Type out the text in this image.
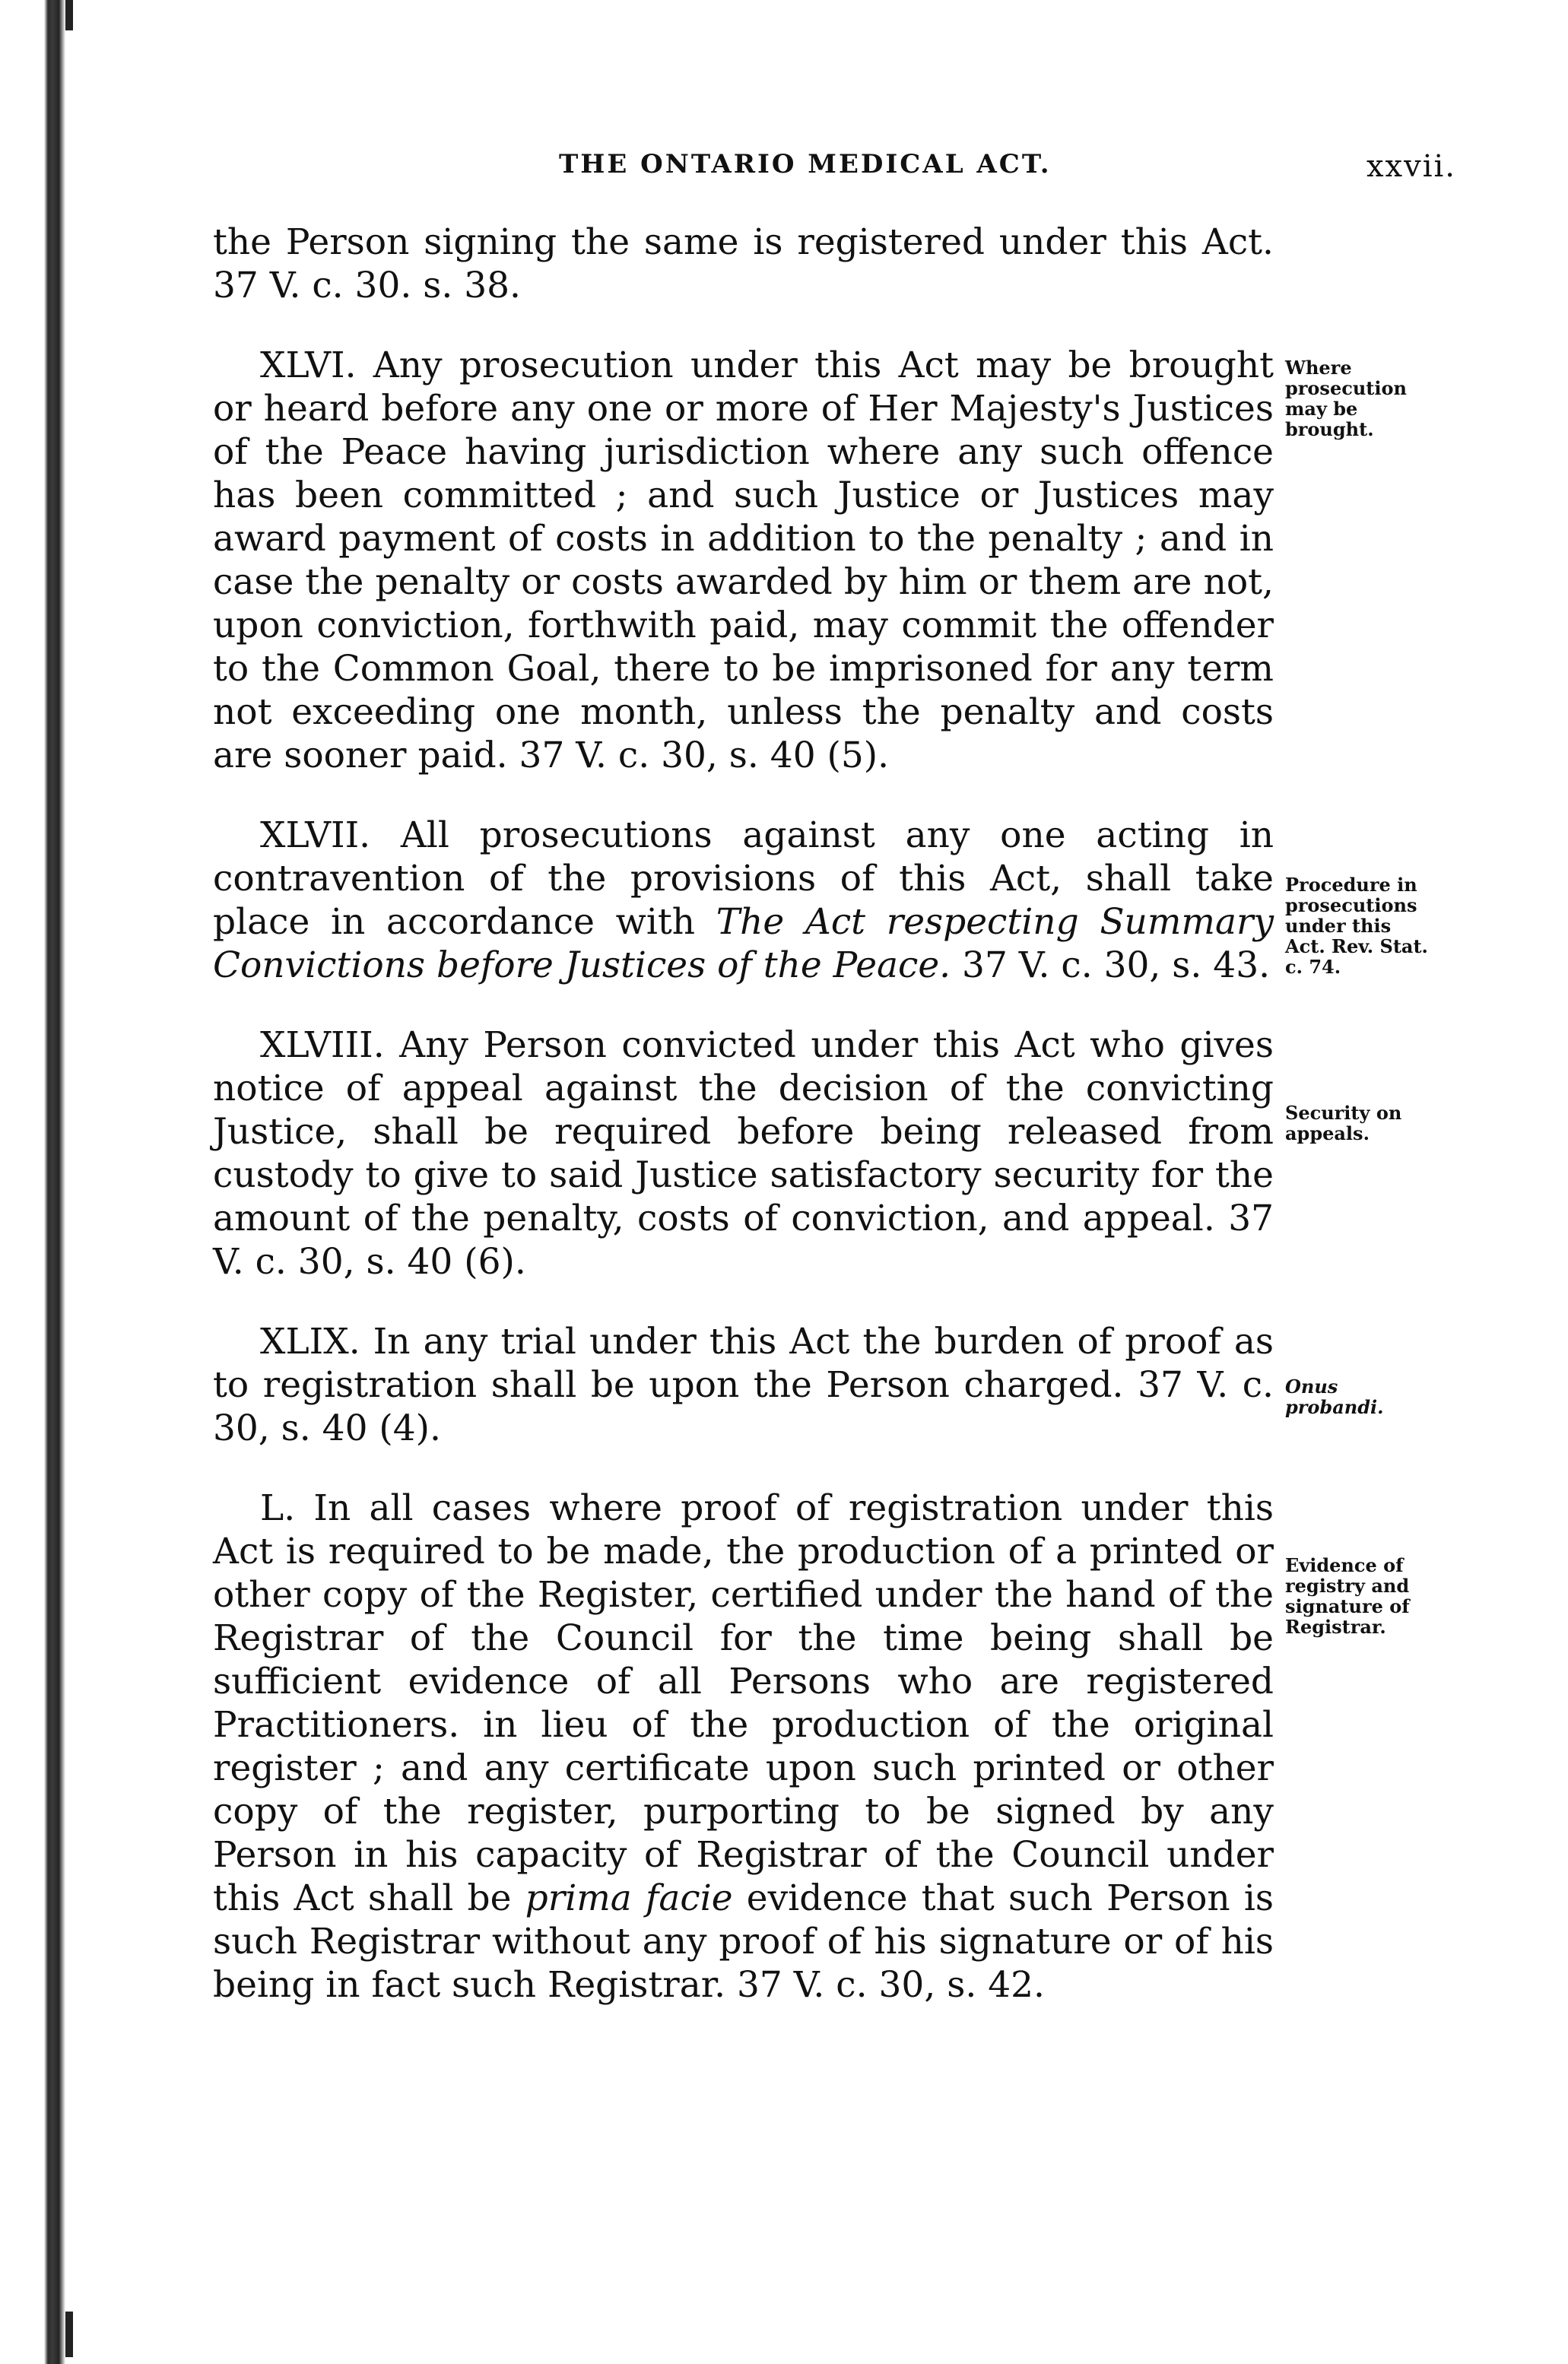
THE ONTARIO MEDICAL ACT.	xxvii.

the Person signing the same is registered under this Act. 37 V. c. 30. s. 38.

XLVI. Any prosecution under this Act may be brought or heard before any one or more of Her Majesty's Justices of the Peace having jurisdiction where any such offence has been committed ; and such Justice or Justices may award payment of costs in addition to the penalty ; and in case the penalty or costs awarded by him or them are not, upon conviction, forthwith paid, may commit the offender to the Common Goal, there to be imprisoned for any term not exceeding one month, unless the penalty and costs are sooner paid. 37 V. c. 30, s. 40 (5).

XLVII. All prosecutions against any one acting in contravention of the provisions of this Act, shall take place in accordance with The Act respecting Summary Convictions before Justices of the Peace. 37 V. c. 30, s. 43.

XLVIII. Any Person convicted under this Act who gives notice of appeal against the decision of the convicting Justice, shall be required before being released from custody to give to said Justice satisfactory security for the amount of the penalty, costs of conviction, and appeal. 37 V. c. 30, s. 40 (6).

XLIX. In any trial under this Act the burden of proof as to registration shall be upon the Person charged. 37 V. c. 30, s. 40 (4).

L. In all cases where proof of registration under this Act is required to be made, the production of a printed or other copy of the Register, certified under the hand of the Registrar of the Council for the time being shall be sufficient evidence of all Persons who are registered Practitioners. in lieu of the production of the original register ; and any certificate upon such printed or other copy of the register, purporting to be signed by any Person in his capacity of Registrar of the Council under this Act shall be prima facie evidence that such Person is such Registrar without any proof of his signature or of his being in fact such Registrar. 37 V. c. 30, s. 42.

Where prosecution may be brought.
Procedure in prosecutions under this Act. Rev. Stat. c. 74.
Security on appeals.
Onus probandi.
Evidence of registry and signature of Registrar.
